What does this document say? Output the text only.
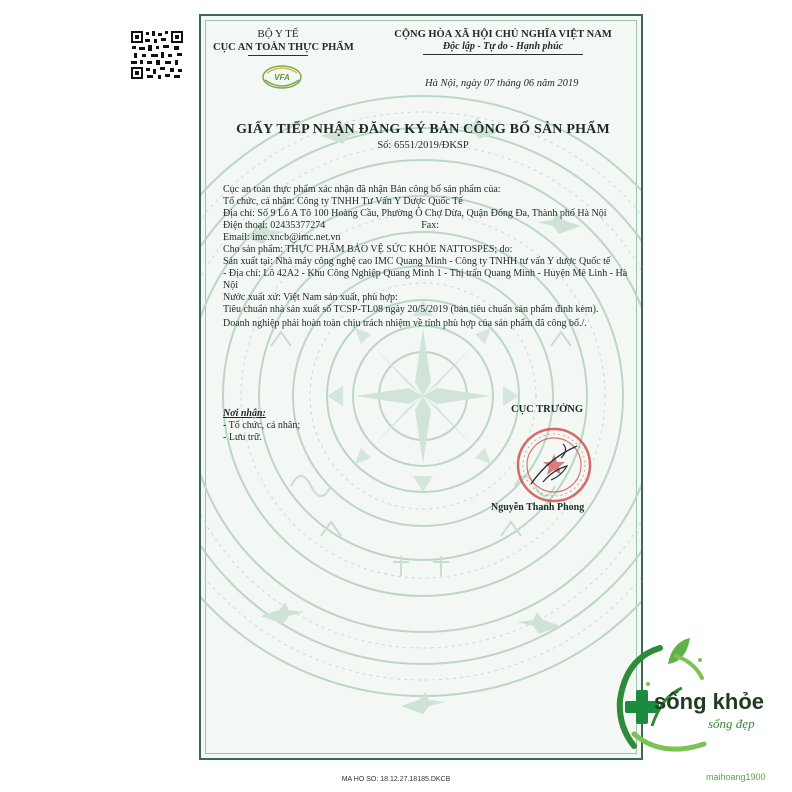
BỘ Y TẾ
CỤC AN TOÀN THỰC PHẨM
VFA
CỘNG HÒA XÃ HỘI CHỦ NGHĨA VIỆT NAM
Độc lập - Tự do - Hạnh phúc
Hà Nội, ngày 07 tháng 06 năm 2019
GIẤY TIẾP NHẬN ĐĂNG KÝ BẢN CÔNG BỐ SẢN PHẨM
Số: 6551/2019/ĐKSP

Cục an toàn thực phẩm xác nhận đã nhận Bản công bố sản phẩm của:

Tổ chức, cá nhân: Công ty TNHH Tư Vấn Y Dược Quốc Tế

Địa chỉ: Số 9 Lô A Tô 100 Hoàng Cầu, Phường Ô Chợ Dừa, Quận Đống Đa, Thành phố Hà Nội

Điện thoại: 02435377274	Fax:

Email: imc.xncb@imc.net.vn

Cho sản phẩm: THỰC PHẨM BẢO VỆ SỨC KHỎE NATTOSPES; do:

Sản xuất tại: Nhà máy công nghệ cao IMC Quang Minh - Công ty TNHH tư vấn Y dược Quốc tế

- Địa chỉ: Lô 42A2 - Khu Công Nghiệp Quang Minh 1 - Thị trấn Quang Minh - Huyện Mê Linh - Hà Nội

Nước xuất xứ: Việt Nam sản xuất, phù hợp:

Tiêu chuẩn nhà sản xuất số TCSP-TL08 ngày 20/5/2019 (bản tiêu chuẩn sản phẩm đính kèm).

Doanh nghiệp phải hoàn toàn chịu trách nhiệm về tính phù hợp của sản phẩm đã công bố./.

Nơi nhận:
- Tổ chức, cá nhân;
- Lưu trữ.
CỤC TRƯỞNG
Nguyễn Thanh Phong
MA HO SO: 18.12.27.18185.DKCB
sống khỏe
sống đẹp
maihoang1900
